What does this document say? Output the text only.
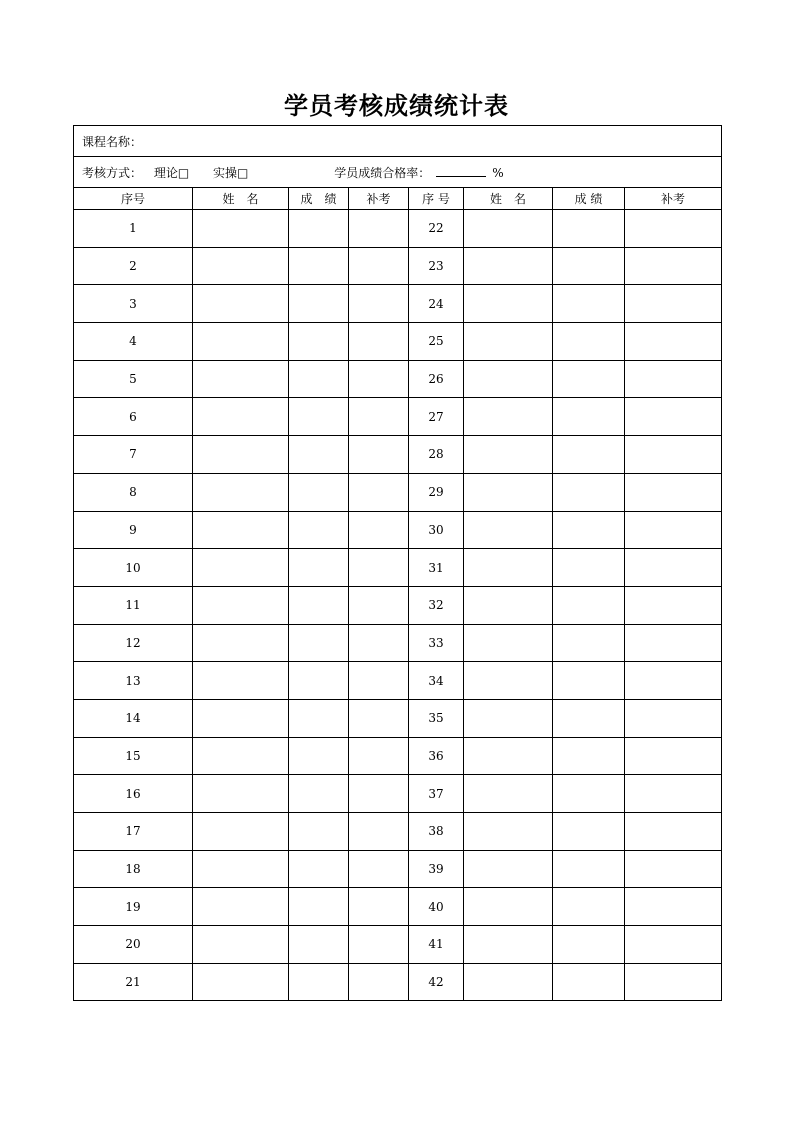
学员考核成绩统计表
课程名称：							
考核方式： 理论□ 实操□ 学员成绩合格率： %							
序号	姓　名	成　绩	补考	序 号	姓　名	成 绩	补考
1				22			
2				23			
3				24			
4				25			
5				26			
6				27			
7				28			
8				29			
9				30			
10				31			
11				32			
12				33			
13				34			
14				35			
15				36			
16				37			
17				38			
18				39			
19				40			
20				41			
21				42			
